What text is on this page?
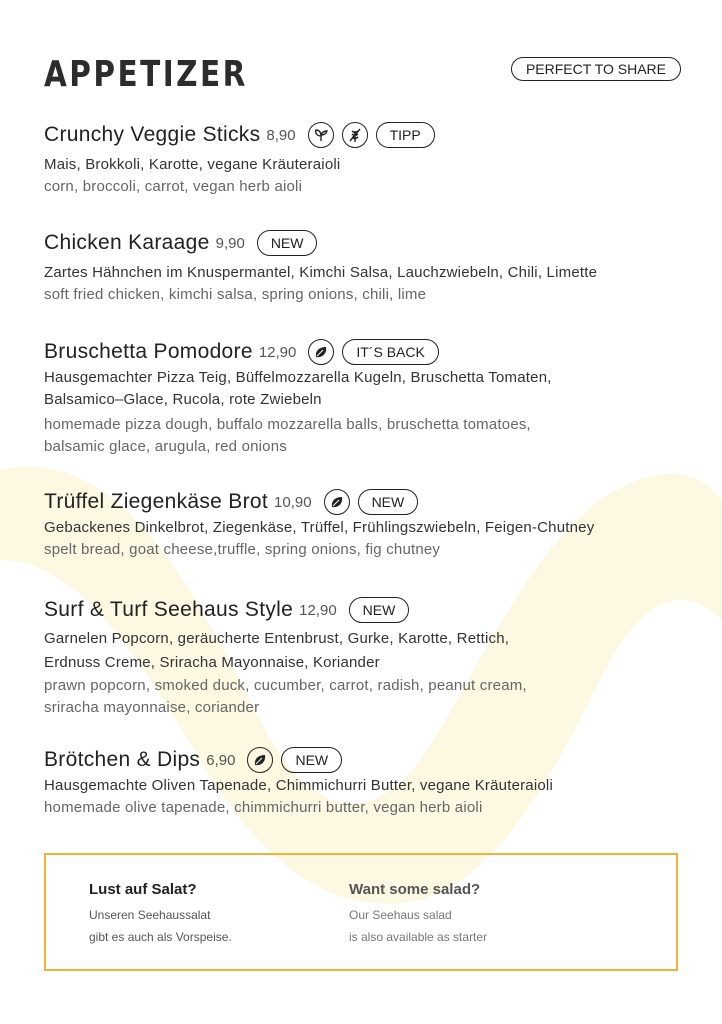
APPETIZER	PERFECT TO SHARE
Crunchy Veggie Sticks 8,90	TIPP
Mais, Brokkoli, Karotte, vegane Kräuteraioli
corn, broccoli, carrot, vegan herb aioli
Chicken Karaage 9,90	NEW
Zartes Hähnchen im Knuspermantel, Kimchi Salsa, Lauchzwiebeln, Chili, Limette
soft fried chicken, kimchi salsa, spring onions, chili, lime
Bruschetta Pomodore 12,90	IT´S BACK
Hausgemachter Pizza Teig, Büffelmozzarella Kugeln, Bruschetta Tomaten,
Balsamico–Glace, Rucola, rote Zwiebeln
homemade pizza dough, buffalo mozzarella balls, bruschetta tomatoes,
balsamic glace, arugula, red onions
Trüffel Ziegenkäse Brot 10,90	NEW
Gebackenes Dinkelbrot, Ziegenkäse, Trüffel, Frühlingszwiebeln, Feigen-Chutney
spelt bread, goat cheese,truffle, spring onions, fig chutney
Surf & Turf Seehaus Style 12,90	NEW
Garnelen Popcorn, geräucherte Entenbrust, Gurke, Karotte, Rettich,
Erdnuss Creme, Sriracha Mayonnaise, Koriander
prawn popcorn, smoked duck, cucumber, carrot, radish, peanut cream,
sriracha mayonnaise, coriander
Brötchen & Dips 6,90	NEW
Hausgemachte Oliven Tapenade, Chimmichurri Butter, vegane Kräuteraioli
homemade olive tapenade, chimmichurri butter, vegan herb aioli
Lust auf Salat?
Unseren Seehaussalat
gibt es auch als Vorspeise.
Want some salad?
Our Seehaus salad
is also available as starter
